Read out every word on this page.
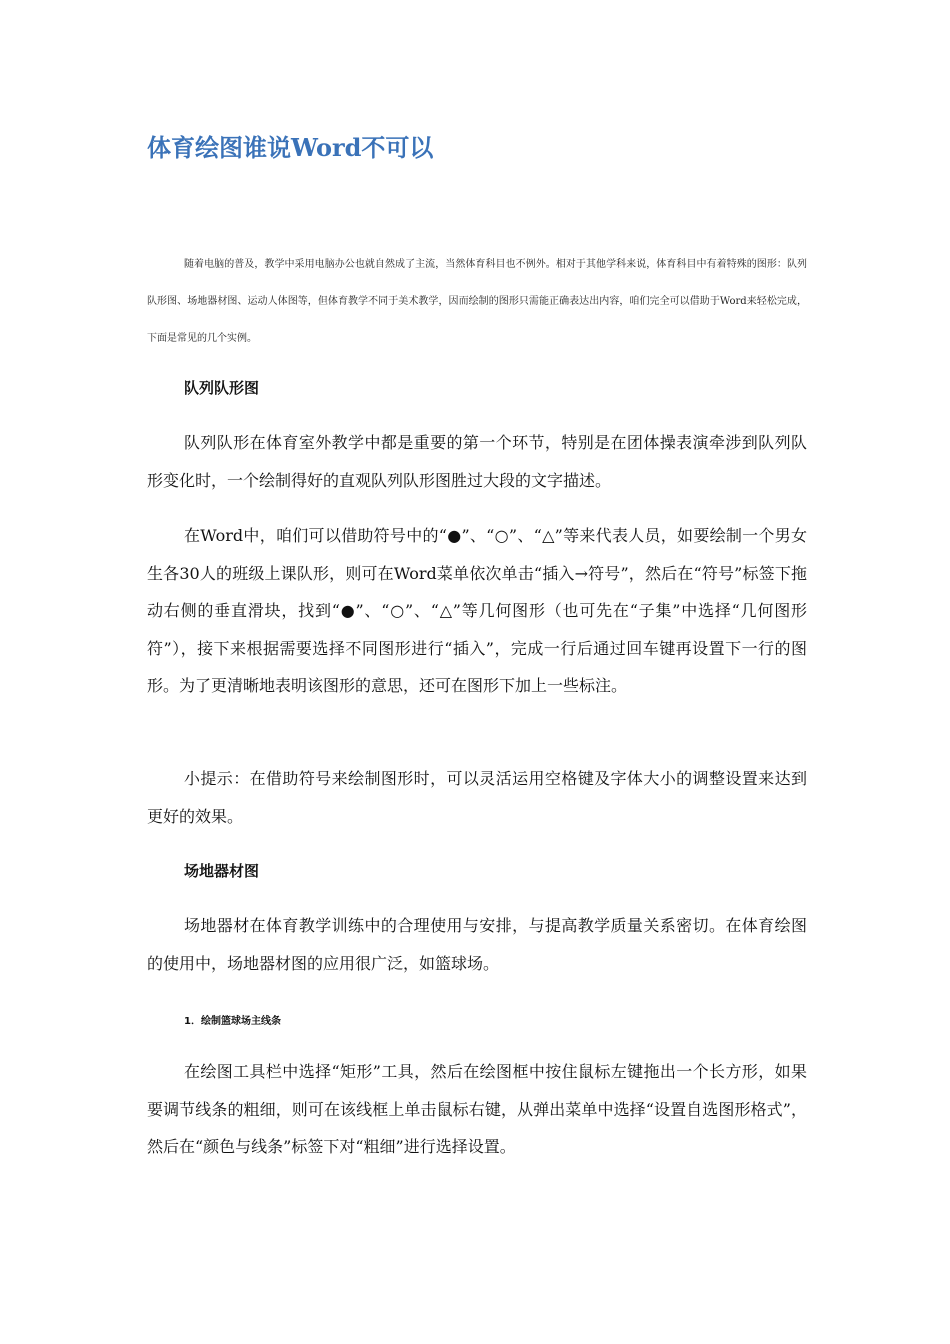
体育绘图谁说Word不可以

随着电脑的普及，教学中采用电脑办公也就自然成了主流，当然体育科目也不例外。相对于其他学科来说，体育科目中有着特殊的图形：队列队形图、场地器材图、运动人体图等，但体育教学不同于美术教学，因而绘制的图形只需能正确表达出内容，咱们完全可以借助于Word来轻松完成，下面是常见的几个实例。

队列队形图

队列队形在体育室外教学中都是重要的第一个环节，特别是在团体操表演牵涉到队列队形变化时，一个绘制得好的直观队列队形图胜过大段的文字描述。

在Word中，咱们可以借助符号中的“●”、“○”、“△”等来代表人员，如要绘制一个男女生各30人的班级上课队形，则可在Word菜单依次单击“插入→符号”，然后在“符号”标签下拖动右侧的垂直滑块，找到“●”、“○”、“△”等几何图形（也可先在“子集”中选择“几何图形符”），接下来根据需要选择不同图形进行“插入”，完成一行后通过回车键再设置下一行的图形。为了更清晰地表明该图形的意思，还可在图形下加上一些标注。

小提示：在借助符号来绘制图形时，可以灵活运用空格键及字体大小的调整设置来达到更好的效果。

场地器材图

场地器材在体育教学训练中的合理使用与安排，与提高教学质量关系密切。在体育绘图的使用中，场地器材图的应用很广泛，如篮球场。

1．绘制篮球场主线条

在绘图工具栏中选择“矩形”工具，然后在绘图框中按住鼠标左键拖出一个长方形，如果要调节线条的粗细，则可在该线框上单击鼠标右键，从弹出菜单中选择“设置自选图形格式”，然后在“颜色与线条”标签下对“粗细”进行选择设置。
